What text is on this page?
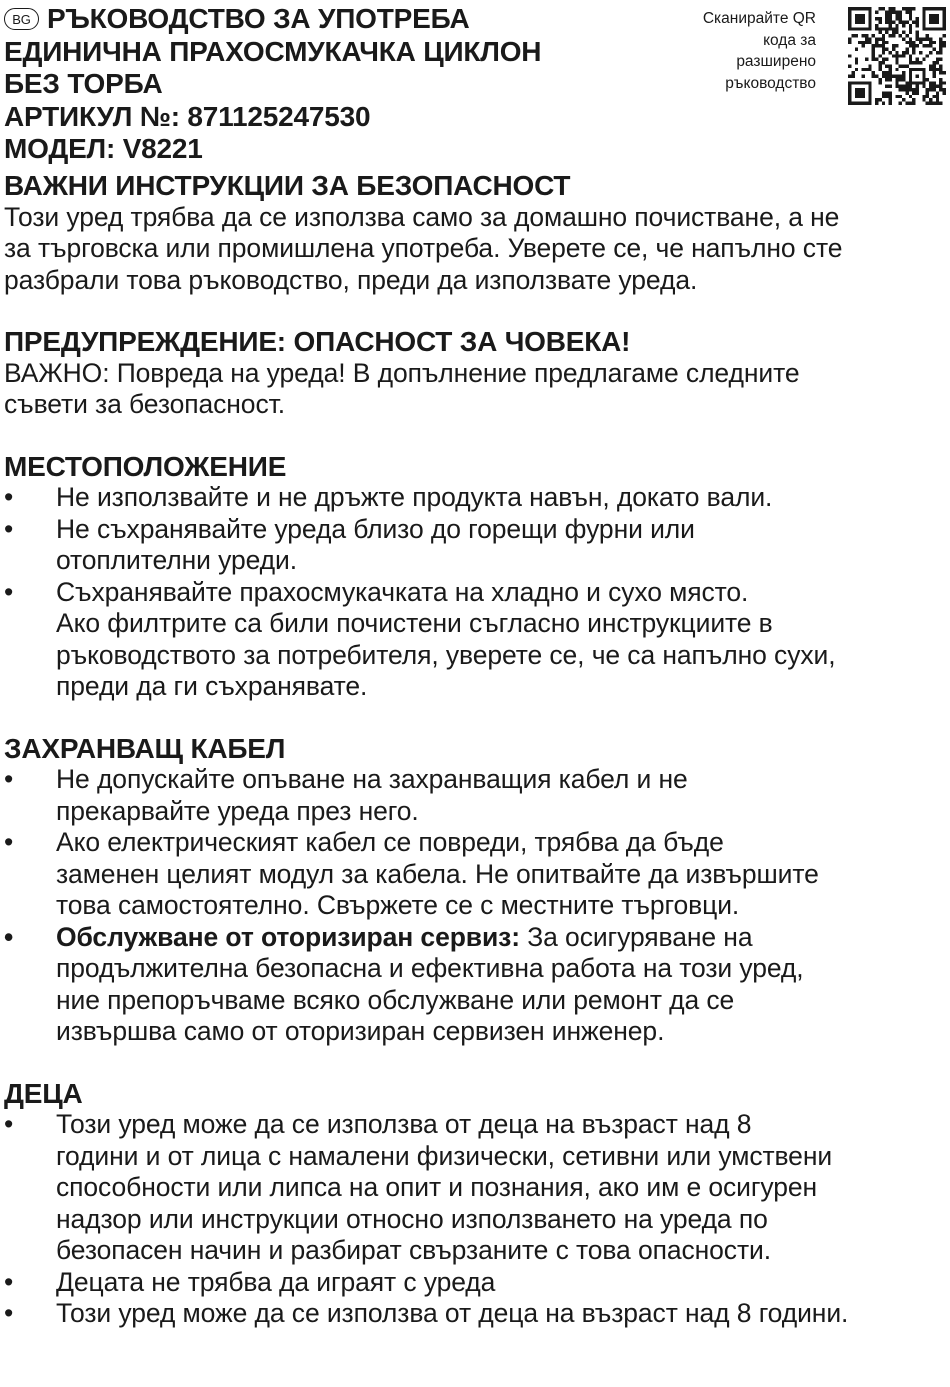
BG РЪКОВОДСТВО ЗА УПОТРЕБА
ЕДИНИЧНА ПРАХОСМУКАЧКА ЦИКЛОН
БЕЗ ТОРБА
АРТИКУЛ №: 871125247530
МОДЕЛ: V8221
Сканирайте QR
кода за
разширено
ръководство
ВАЖНИ ИНСТРУКЦИИ ЗА БЕЗОПАСНОСТ

Този уред трябва да се използва само за домашно почистване, а не

за търговска или промишлена употреба. Уверете се, че напълно сте

разбрали това ръководство, преди да използвате уреда.

ПРЕДУПРЕЖДЕНИЕ: ОПАСНОСТ ЗА ЧОВЕКА!

ВАЖНО: Повреда на уреда! В допълнение предлагаме следните

съвети за безопасност.

МЕСТОПОЛОЖЕНИЕ
•	Не използвайте и не дръжте продукта навън, докато вали.
•	Не съхранявайте уреда близо до горещи фурни или
отоплителни уреди.
•	Съхранявайте прахосмукачката на хладно и сухо място.
Ако филтрите са били почистени съгласно инструкциите в
ръководството за потребителя, уверете се, че са напълно сухи,
преди да ги съхранявате.
ЗАХРАНВАЩ КАБЕЛ
•	Не допускайте опъване на захранващия кабел и не
прекарвайте уреда през него.
•	Ако електрическият кабел се повреди, трябва да бъде
заменен целият модул за кабела. Не опитвайте да извършите
това самостоятелно. Свържете се с местните търговци.
•	Обслужване от оторизиран сервиз: За осигуряване на
продължителна безопасна и ефективна работа на този уред,
ние препоръчваме всяко обслужване или ремонт да се
извършва само от оторизиран сервизен инженер.
ДЕЦА
•	Този уред може да се използва от деца на възраст над 8
години и от лица с намалени физически, сетивни или умствени
способности или липса на опит и познания, ако им е осигурен
надзор или инструкции относно използването на уреда по
безопасен начин и разбират свързаните с това опасности.
•	Децата не трябва да играят с уреда
•	Този уред може да се използва от деца на възраст над 8 години.
